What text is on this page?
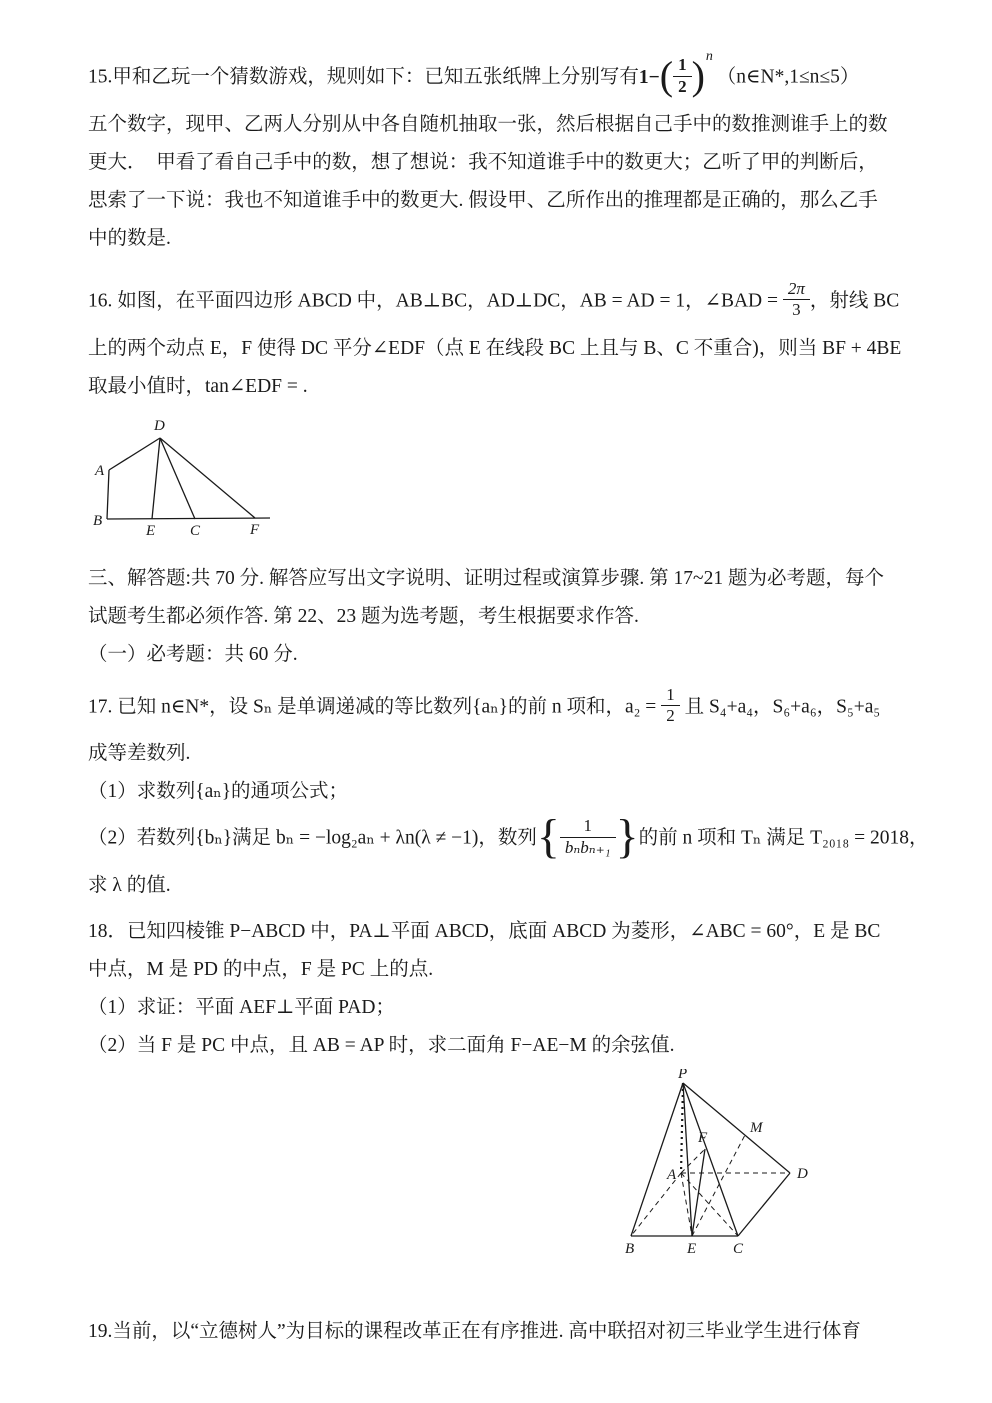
15.甲和乙玩一个猜数游戏，规则如下：已知五张纸牌上分别写有$1-( \frac{1}{2} )^n$ （n∈N*,1≤n≤5）
五个数字，现甲、乙两人分别从中各自随机抽取一张，然后根据自己手中的数推测谁手上的数
更大．　甲看了看自己手中的数，想了想说：我不知道谁手中的数更大；乙听了甲的判断后，
思索了一下说：我也不知道谁手中的数更大. 假设甲、乙所作出的推理都是正确的，那么乙手
中的数是.
16. 如图，在平面四边形 ABCD 中，AB⊥BC，AD⊥DC，AB = AD = 1，∠BAD = $\frac{2\pi}{3}$ ，射线 BC
上的两个动点 E，F 使得 DC 平分∠EDF（点 E 在线段 BC 上且与 B、C 不重合)，则当 BF + 4BE
取最小值时，tan∠EDF = .
D
A
B
E C	F
三、解答题:共 70 分. 解答应写出文字说明、证明过程或演算步骤. 第 17~21 题为必考题，每个
试题考生都必须作答. 第 22、23 题为选考题，考生根据要求作答.
（一）必考题：共 60 分.
17. 已知 n∈N*，设 Sₙ 是单调递减的等比数列{aₙ}的前 n 项和，$a_2 = \frac{1}{2}$ 且 S₄+a₄，S₆+a₆，S₅+a₅
成等差数列.
（1）求数列{aₙ}的通项公式；
（2）若数列{bₙ}满足 bₙ = −log₂aₙ + λn(λ ≠ −1)，数列{ $\frac{1}{\text{bₙbₙ₊₁}}$ }的前 n 项和 Tₙ 满足 T₂₀₁₈ = 2018，
求 λ 的值.
18．已知四棱锥 P−ABCD 中，PA⊥平面 ABCD，底面 ABCD 为菱形，∠ABC = 60°，E 是 BC
中点，M 是 PD 的中点，F 是 PC 上的点.
（1）求证：平面 AEF⊥平面 PAD；
（2）当 F 是 PC 中点，且 AB = AP 时，求二面角 F−AE−M 的余弦值.
P
M
F
A	D
B	E C
19.当前，以“立德树人”为目标的课程改革正在有序推进. 高中联招对初三毕业学生进行体育
